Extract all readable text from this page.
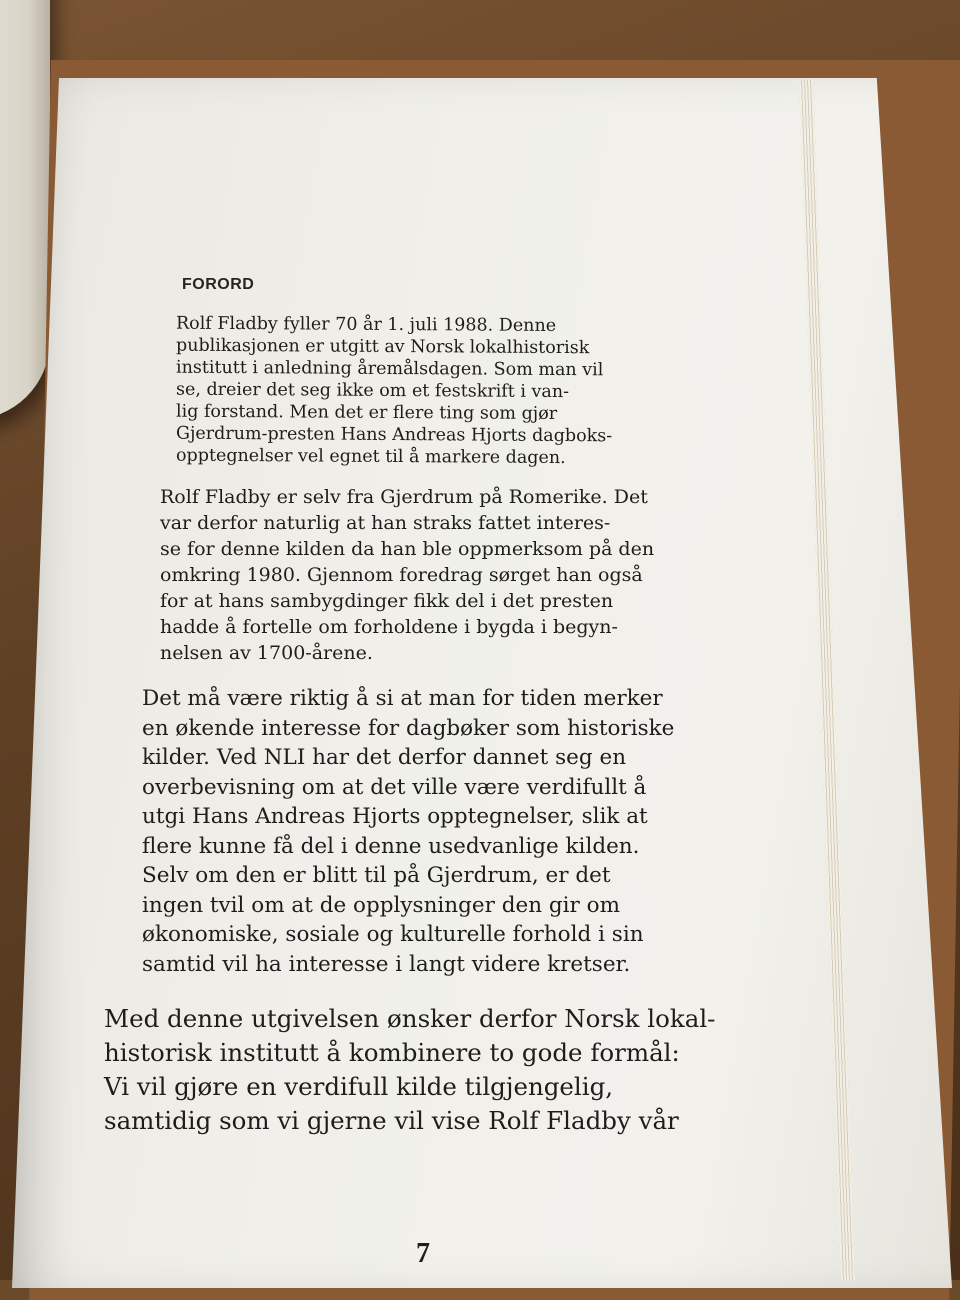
FORORD

Rolf Fladby fyller 70 år 1. juli 1988. Denne
publikasjonen er utgitt av Norsk lokalhistorisk
institutt i anledning åremålsdagen. Som man vil
se, dreier det seg ikke om et festskrift i van-
lig forstand. Men det er flere ting som gjør
Gjerdrum-presten Hans Andreas Hjorts dagboks-
opptegnelser vel egnet til å markere dagen.

Rolf Fladby er selv fra Gjerdrum på Romerike. Det
var derfor naturlig at han straks fattet interes-
se for denne kilden da han ble oppmerksom på den
omkring 1980. Gjennom foredrag sørget han også
for at hans sambygdinger fikk del i det presten
hadde å fortelle om forholdene i bygda i begyn-
nelsen av 1700-årene.

Det må være riktig å si at man for tiden merker
en økende interesse for dagbøker som historiske
kilder. Ved NLI har det derfor dannet seg en
overbevisning om at det ville være verdifullt å
utgi Hans Andreas Hjorts opptegnelser, slik at
flere kunne få del i denne usedvanlige kilden.
Selv om den er blitt til på Gjerdrum, er det
ingen tvil om at de opplysninger den gir om
økonomiske, sosiale og kulturelle forhold i sin
samtid vil ha interesse i langt videre kretser.

Med denne utgivelsen ønsker derfor Norsk lokal-
historisk institutt å kombinere to gode formål:
Vi vil gjøre en verdifull kilde tilgjengelig,
samtidig som vi gjerne vil vise Rolf Fladby vår

7
